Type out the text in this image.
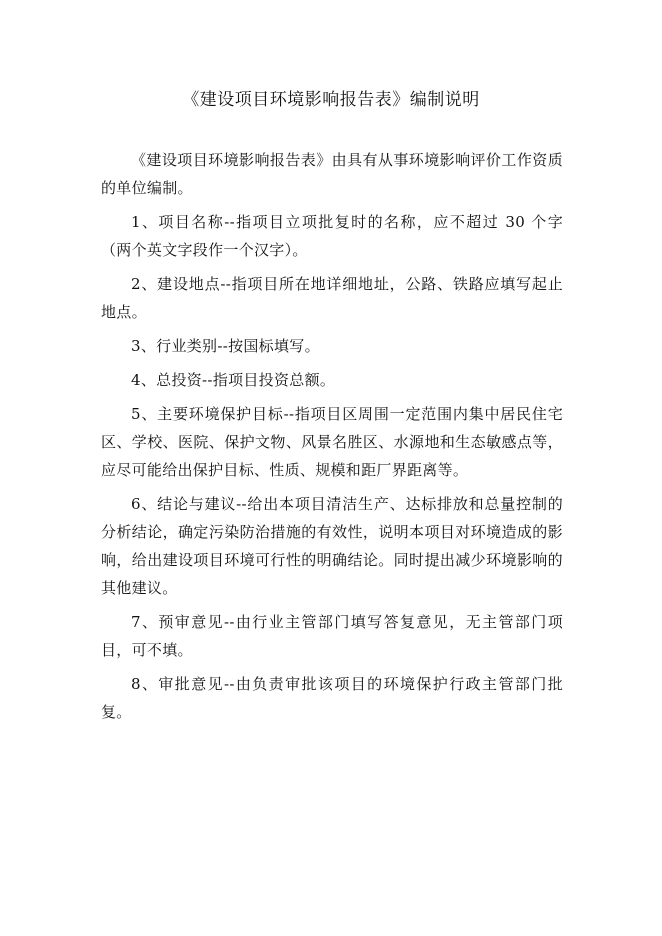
《建设项目环境影响报告表》编制说明

《建设项目环境影响报告表》由具有从事环境影响评价工作资质的单位编制。

1、项目名称--指项目立项批复时的名称，应不超过 30 个字（两个英文字段作一个汉字）。

2、建设地点--指项目所在地详细地址，公路、铁路应填写起止地点。

3、行业类别--按国标填写。

4、总投资--指项目投资总额。

5、主要环境保护目标--指项目区周围一定范围内集中居民住宅区、学校、医院、保护文物、风景名胜区、水源地和生态敏感点等，应尽可能给出保护目标、性质、规模和距厂界距离等。

6、结论与建议--给出本项目清洁生产、达标排放和总量控制的分析结论，确定污染防治措施的有效性，说明本项目对环境造成的影响，给出建设项目环境可行性的明确结论。同时提出减少环境影响的其他建议。

7、预审意见--由行业主管部门填写答复意见，无主管部门项目，可不填。

8、审批意见--由负责审批该项目的环境保护行政主管部门批复。
